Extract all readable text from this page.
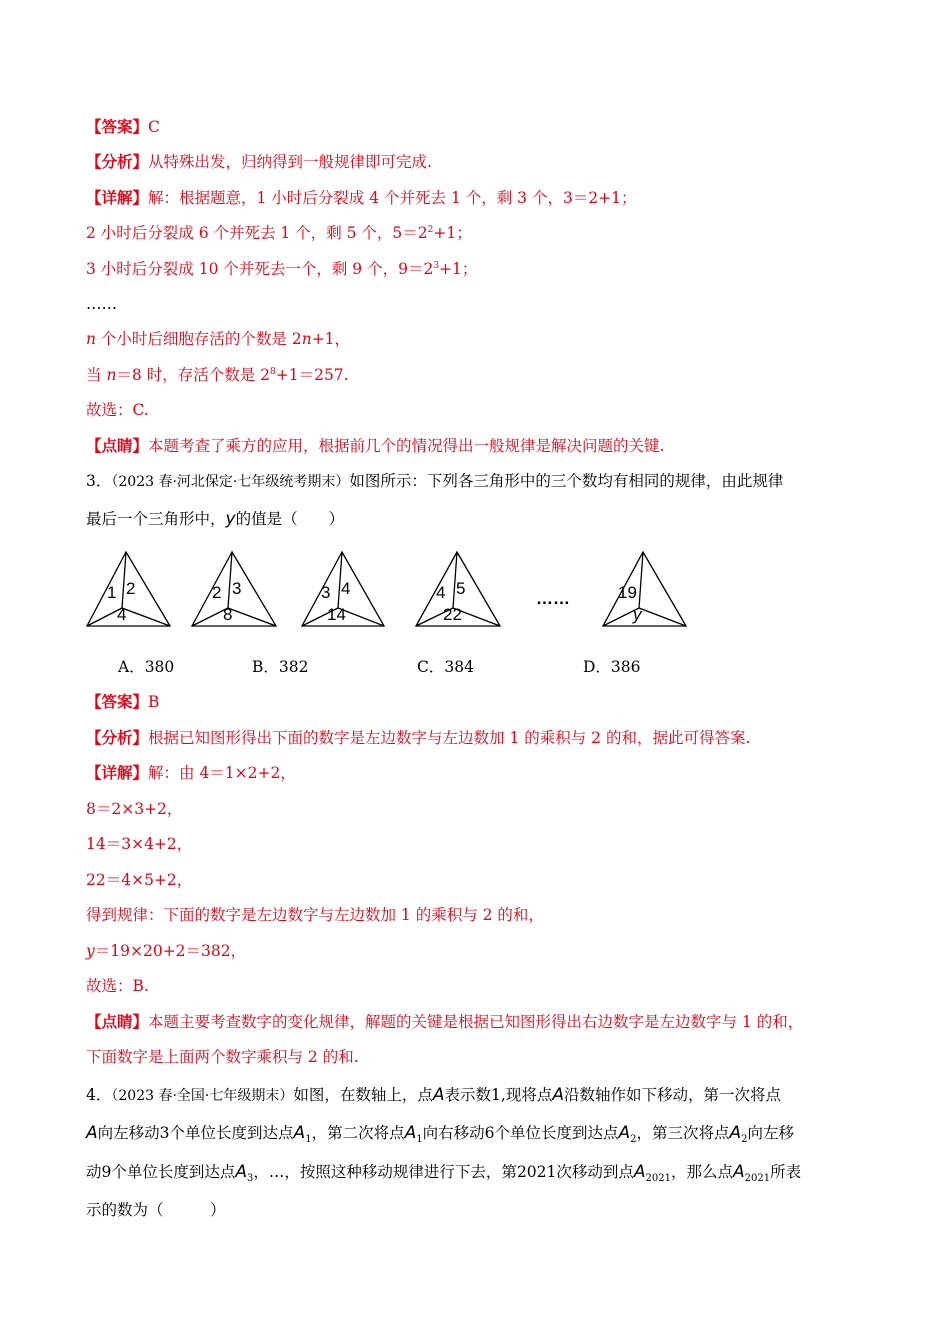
【答案】C
【分析】从特殊出发，归纳得到一般规律即可完成.
【详解】解：根据题意，1 小时后分裂成 4 个并死去 1 个，剩 3 个，3＝2+1；
2 小时后分裂成 6 个并死去 1 个，剩 5 个，$5=2^2+1$；
3 小时后分裂成 10 个并死去一个，剩 9 个，$9=2^3+1$；
……
n 个小时后细胞存活的个数是 2n+1，
当 n＝8 时，存活个数是 $2^8+1=257$.
故选：C.
【点睛】本题考查了乘方的应用，根据前几个的情况得出一般规律是解决问题的关键.
3．（2023 春·河北保定·七年级统考期末）如图所示：下列各三角形中的三个数均有相同的规律，由此规律
最后一个三角形中，y的值是（　　）
1 2
4
2 3
8
3 4
14
4 5
22
……	19
y
A．380	B．382	C．384	D．386
【答案】B
【分析】根据已知图形得出下面的数字是左边数字与左边数加 1 的乘积与 2 的和，据此可得答案.
【详解】解：由 4＝1×2+2，
8＝2×3+2，
14＝3×4+2，
22＝4×5+2，
得到规律：下面的数字是左边数字与左边数加 1 的乘积与 2 的和，
y＝19×20+2＝382，
故选：B.
【点睛】本题主要考查数字的变化规律，解题的关键是根据已知图形得出右边数字是左边数字与 1 的和，
下面数字是上面两个数字乘积与 2 的和.
4．（2023 春·全国·七年级期末）如图，在数轴上，点A表示数1,现将点A沿数轴作如下移动，第一次将点
A向左移动3个单位长度到达点$A_1$，第二次将点$A_1$向右移动6个单位长度到达点$A_2$，第三次将点$A_2$向左移
动9个单位长度到达点$A_3$，…，按照这种移动规律进行下去，第2021次移动到点$A_{2021}$，那么点$A_{2021}$所表
示的数为（　　　）
